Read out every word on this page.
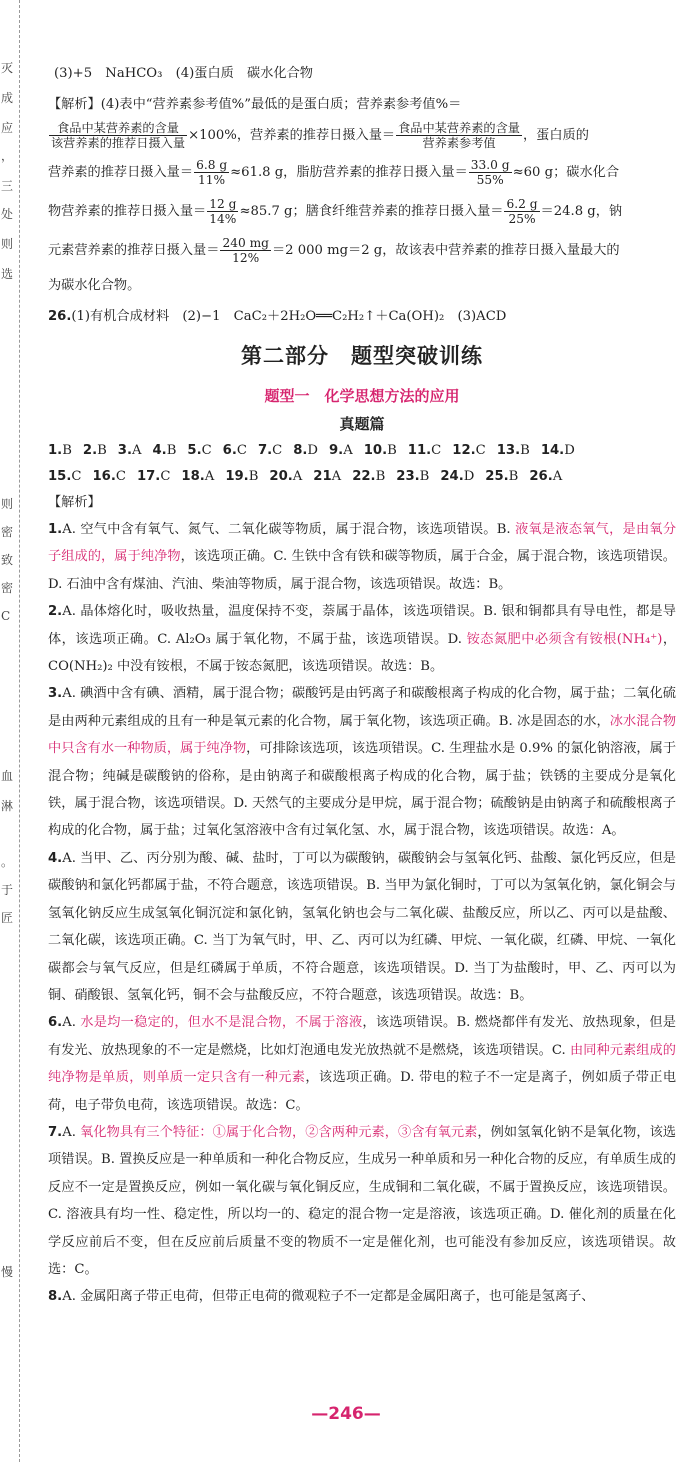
灭
成
应
，
三
处
则
选
则
密
致
密
C
血
淋
。
于
匠
慢

(3)+5　NaHCO₃　(4)蛋白质　碳水化合物

【解析】(4)表中“营养素参考值%”最低的是蛋白质；营养素参考值%＝

$\frac{\text{食品中某营养素的含量}}{\text{该营养素的推荐日摄入量}} \times 100\%$，营养素的推荐日摄入量＝ $\frac{\text{食品中某营养素的含量}}{\text{营养素参考值}}$ ，蛋白质的

营养素的推荐日摄入量＝ $\frac{6.8 g}{11\%} \approx 61.8$ g，脂肪营养素的推荐日摄入量＝ $\frac{33.0 g}{55\%} \approx 60$ g；碳水化合

物营养素的推荐日摄入量＝ $\frac{12 g}{14\%} \approx 85.7$ g；膳食纤维营养素的推荐日摄入量＝ $\frac{6.2 g}{25\%} =24.8$ g，钠

元素营养素的推荐日摄入量＝ $\frac{240 mg}{12\%} =2$ 000 mg＝2 g，故该表中营养素的推荐日摄入量最大的

为碳水化合物。

26.(1)有机合成材料　(2)−1　CaC₂＋2H₂O══C₂H₂↑＋Ca(OH)₂　(3)ACD

第二部分　题型突破训练
题型一　化学思想方法的应用
真题篇
1.B 2.B 3.A 4.B 5.C 6.C 7.C 8.D 9.A 10.B 11.C 12.C 13.B 14.D
15.C 16.C 17.C 18.A 19.B 20.A 21A 22.B 23.B 24.D 25.B 26.A

【解析】

1.A. 空气中含有氧气、氮气、二氧化碳等物质，属于混合物，该选项错误。B. 液氧是液态氧气，是由氧分子组成的，属于纯净物，该选项正确。C. 生铁中含有铁和碳等物质，属于合金，属于混合物，该选项错误。D. 石油中含有煤油、汽油、柴油等物质，属于混合物，该选项错误。故选：B。

2.A. 晶体熔化时，吸收热量，温度保持不变，萘属于晶体，该选项错误。B. 银和铜都具有导电性，都是导体，该选项正确。C. Al₂O₃ 属于氧化物，不属于盐，该选项错误。D. 铵态氮肥中必须含有铵根(NH₄⁺)，CO(NH₂)₂ 中没有铵根，不属于铵态氮肥，该选项错误。故选：B。

3.A. 碘酒中含有碘、酒精，属于混合物；碳酸钙是由钙离子和碳酸根离子构成的化合物，属于盐；二氧化硫是由两种元素组成的且有一种是氧元素的化合物，属于氧化物，该选项正确。B. 冰是固态的水，冰水混合物中只含有水一种物质，属于纯净物，可排除该选项，该选项错误。C. 生理盐水是 0.9% 的氯化钠溶液，属于混合物；纯碱是碳酸钠的俗称，是由钠离子和碳酸根离子构成的化合物，属于盐；铁锈的主要成分是氧化铁，属于混合物，该选项错误。D. 天然气的主要成分是甲烷，属于混合物；硫酸钠是由钠离子和硫酸根离子构成的化合物，属于盐；过氧化氢溶液中含有过氧化氢、水，属于混合物，该选项错误。故选：A。

4.A. 当甲、乙、丙分别为酸、碱、盐时，丁可以为碳酸钠，碳酸钠会与氢氧化钙、盐酸、氯化钙反应，但是碳酸钠和氯化钙都属于盐，不符合题意，该选项错误。B. 当甲为氯化铜时，丁可以为氢氧化钠，氯化铜会与氢氧化钠反应生成氢氧化铜沉淀和氯化钠，氢氧化钠也会与二氧化碳、盐酸反应，所以乙、丙可以是盐酸、二氧化碳，该选项正确。C. 当丁为氧气时，甲、乙、丙可以为红磷、甲烷、一氧化碳，红磷、甲烷、一氧化碳都会与氧气反应，但是红磷属于单质，不符合题意，该选项错误。D. 当丁为盐酸时，甲、乙、丙可以为铜、硝酸银、氢氧化钙，铜不会与盐酸反应，不符合题意，该选项错误。故选：B。

6.A. 水是均一稳定的，但水不是混合物，不属于溶液，该选项错误。B. 燃烧都伴有发光、放热现象，但是有发光、放热现象的不一定是燃烧，比如灯泡通电发光放热就不是燃烧，该选项错误。C. 由同种元素组成的纯净物是单质，则单质一定只含有一种元素，该选项正确。D. 带电的粒子不一定是离子，例如质子带正电荷，电子带负电荷，该选项错误。故选：C。

7.A. 氧化物具有三个特征：①属于化合物，②含两种元素，③含有氧元素，例如氢氧化钠不是氧化物，该选项错误。B. 置换反应是一种单质和一种化合物反应，生成另一种单质和另一种化合物的反应，有单质生成的反应不一定是置换反应，例如一氧化碳与氧化铜反应，生成铜和二氧化碳，不属于置换反应，该选项错误。C. 溶液具有均一性、稳定性，所以均一的、稳定的混合物一定是溶液，该选项正确。D. 催化剂的质量在化学反应前后不变，但在反应前后质量不变的物质不一定是催化剂，也可能没有参加反应，该选项错误。故选：C。

8.A. 金属阳离子带正电荷，但带正电荷的微观粒子不一定都是金属阳离子，也可能是氢离子、

—246—
